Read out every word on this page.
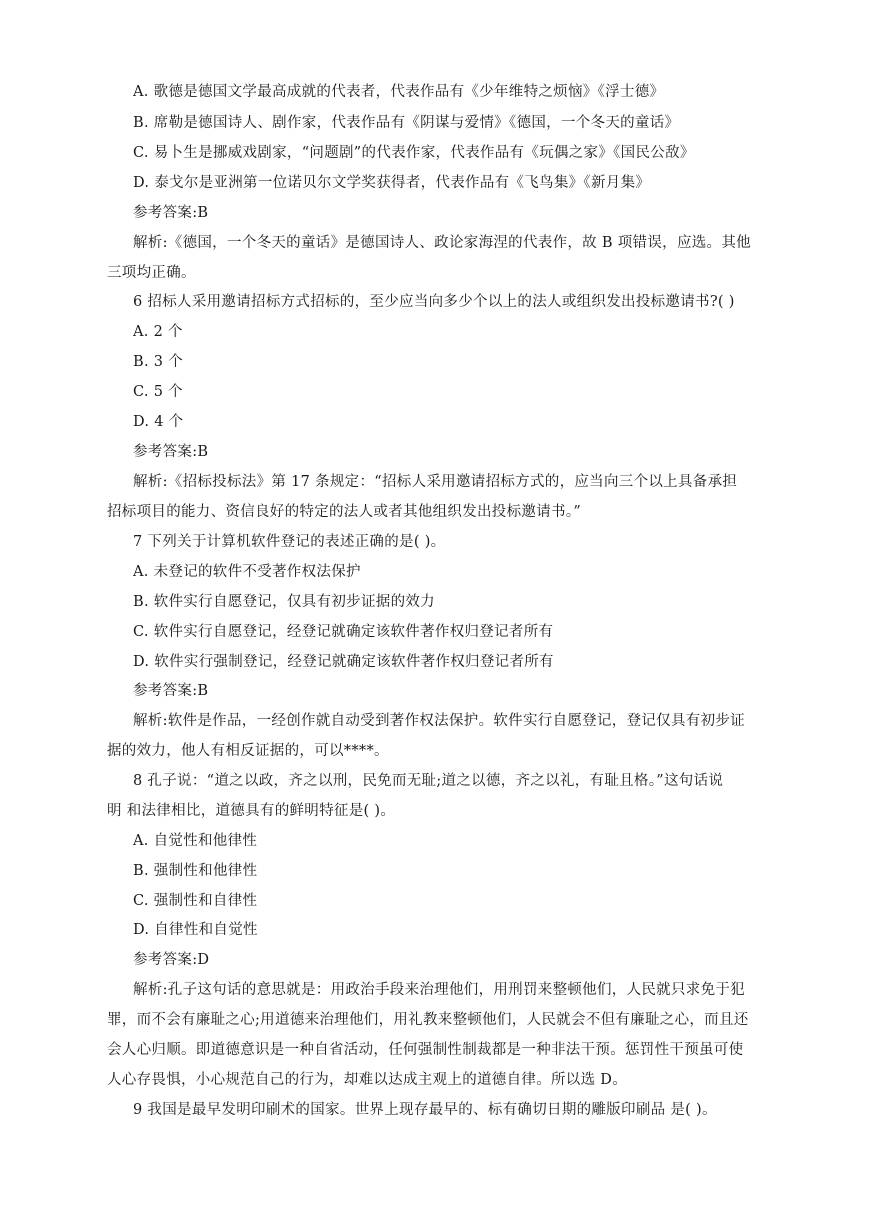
A. 歌德是德国文学最高成就的代表者，代表作品有《少年维特之烦恼》《浮士德》
B. 席勒是德国诗人、剧作家，代表作品有《阴谋与爱情》《德国，一个冬天的童话》
C. 易卜生是挪威戏剧家，“问题剧”的代表作家，代表作品有《玩偶之家》《国民公敌》
D. 泰戈尔是亚洲第一位诺贝尔文学奖获得者，代表作品有《飞鸟集》《新月集》
参考答案:B
解析:《德国，一个冬天的童话》是德国诗人、政论家海涅的代表作，故 B 项错误，应选。其他
三项均正确。
6 招标人采用邀请招标方式招标的，至少应当向多少个以上的法人或组织发出投标邀请书?( )
A. 2 个
B. 3 个
C. 5 个
D. 4 个
参考答案:B
解析:《招标投标法》第 17 条规定：“招标人采用邀请招标方式的，应当向三个以上具备承担
招标项目的能力、资信良好的特定的法人或者其他组织发出投标邀请书。”
7 下列关于计算机软件登记的表述正确的是( )。
A. 未登记的软件不受著作权法保护
B. 软件实行自愿登记，仅具有初步证据的效力
C. 软件实行自愿登记，经登记就确定该软件著作权归登记者所有
D. 软件实行强制登记，经登记就确定该软件著作权归登记者所有
参考答案:B
解析:软件是作品，一经创作就自动受到著作权法保护。软件实行自愿登记，登记仅具有初步证
据的效力，他人有相反证据的，可以****。
8 孔子说：“道之以政，齐之以刑，民免而无耻;道之以德，齐之以礼，有耻且格。”这句话说
明 和法律相比，道德具有的鲜明特征是( )。
A. 自觉性和他律性
B. 强制性和他律性
C. 强制性和自律性
D. 自律性和自觉性
参考答案:D
解析:孔子这句话的意思就是：用政治手段来治理他们，用刑罚来整顿他们，人民就只求免于犯
罪，而不会有廉耻之心;用道德来治理他们，用礼教来整顿他们，人民就会不但有廉耻之心，而且还
会人心归顺。即道德意识是一种自省活动，任何强制性制裁都是一种非法干预。惩罚性干预虽可使
人心存畏惧，小心规范自己的行为，却难以达成主观上的道德自律。所以选 D。
9 我国是最早发明印刷术的国家。世界上现存最早的、标有确切日期的雕版印刷品 是( )。
